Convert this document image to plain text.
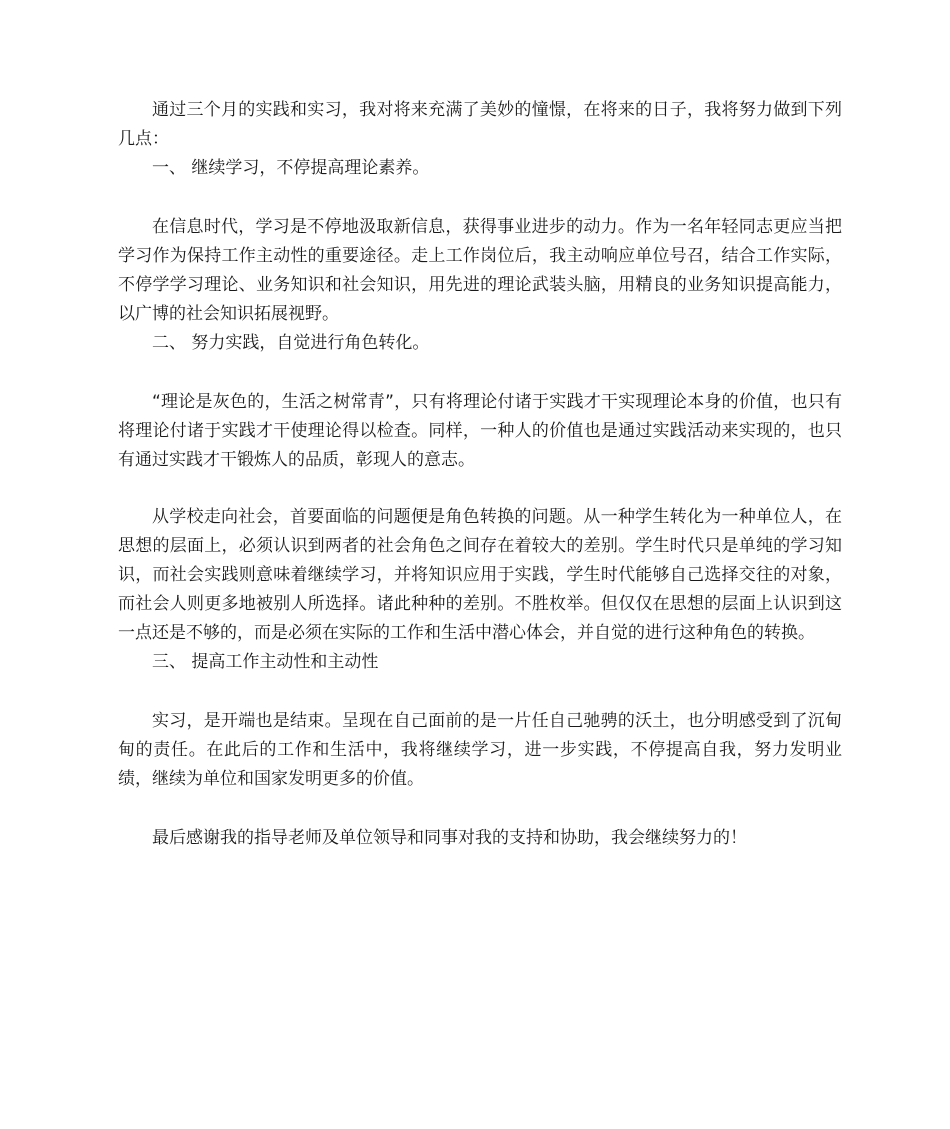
通过三个月的实践和实习，我对将来充满了美妙的憧憬，在将来的日子，我将努力做到下列几点：

一、 继续学习，不停提高理论素养。

在信息时代，学习是不停地汲取新信息，获得事业进步的动力。作为一名年轻同志更应当把学习作为保持工作主动性的重要途径。走上工作岗位后，我主动响应单位号召，结合工作实际，不停学学习理论、业务知识和社会知识，用先进的理论武装头脑，用精良的业务知识提高能力，以广博的社会知识拓展视野。

二、 努力实践，自觉进行角色转化。

“理论是灰色的，生活之树常青”，只有将理论付诸于实践才干实现理论本身的价值，也只有将理论付诸于实践才干使理论得以检查。同样，一种人的价值也是通过实践活动来实现的，也只有通过实践才干锻炼人的品质，彰现人的意志。

从学校走向社会，首要面临的问题便是角色转换的问题。从一种学生转化为一种单位人，在思想的层面上，必须认识到两者的社会角色之间存在着较大的差别。学生时代只是单纯的学习知识，而社会实践则意味着继续学习，并将知识应用于实践，学生时代能够自己选择交往的对象，而社会人则更多地被别人所选择。诸此种种的差别。不胜枚举。但仅仅在思想的层面上认识到这一点还是不够的，而是必须在实际的工作和生活中潜心体会，并自觉的进行这种角色的转换。

三、 提高工作主动性和主动性

实习，是开端也是结束。呈现在自己面前的是一片任自己驰骋的沃土，也分明感受到了沉甸甸的责任。在此后的工作和生活中，我将继续学习，进一步实践，不停提高自我，努力发明业绩，继续为单位和国家发明更多的价值。

最后感谢我的指导老师及单位领导和同事对我的支持和协助，我会继续努力的！
